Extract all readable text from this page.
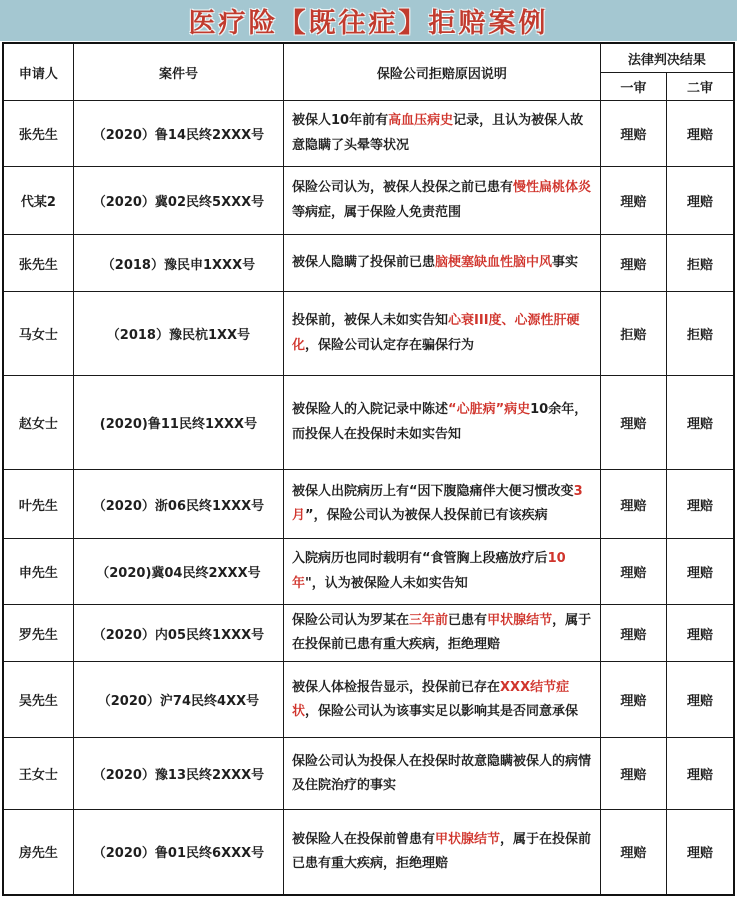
医疗险【既往症】拒赔案例
申请人	案件号	保险公司拒赔原因说明	法律判决结果	
			一审	二审
张先生	（2020）鲁14民终2XXX号	被保人10年前有高血压病史记录，且认为被保人故意隐瞒了头晕等状况	理赔	理赔
代某2	（2020）冀02民终5XXX号	保险公司认为，被保人投保之前已患有慢性扁桃体炎等病症，属于保险人免责范围	理赔	理赔
张先生	（2018）豫民申1XXX号	被保人隐瞒了投保前已患脑梗塞缺血性脑中风事实	理赔	拒赔
马女士	（2018）豫民杭1XX号	投保前，被保人未如实告知心衰III度、心源性肝硬化，保险公司认定存在骗保行为	拒赔	拒赔
赵女士	(2020)鲁11民终1XXX号	被保险人的入院记录中陈述“心脏病”病史10余年，而投保人在投保时未如实告知	理赔	理赔
叶先生	（2020）浙06民终1XXX号	被保人出院病历上有“因下腹隐痛伴大便习惯改变3月”，保险公司认为被保人投保前已有该疾病	理赔	理赔
申先生	（2020)冀04民终2XXX号	入院病历也同时载明有“食管胸上段癌放疗后10年"，认为被保险人未如实告知	理赔	理赔
罗先生	（2020）内05民终1XXX号	保险公司认为罗某在三年前已患有甲状腺结节，属于在投保前已患有重大疾病，拒绝理赔	理赔	理赔
吴先生	（2020）沪74民终4XX号	被保人体检报告显示，投保前已存在XXX结节症状，保险公司认为该事实足以影响其是否同意承保	理赔	理赔
王女士	（2020）豫13民终2XXX号	保险公司认为投保人在投保时故意隐瞒被保人的病情及住院治疗的事实	理赔	理赔
房先生	（2020）鲁01民终6XXX号	被保险人在投保前曾患有甲状腺结节，属于在投保前已患有重大疾病，拒绝理赔	理赔	理赔
